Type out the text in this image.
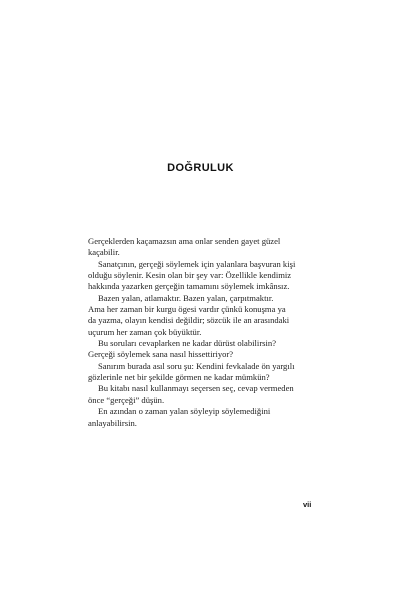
DOĞRULUK
Gerçeklerden kaçamazsın ama onlar senden gayet güzel
kaçabilir.
Sanatçının, gerçeği söylemek için yalanlara başvuran kişi
olduğu söylenir. Kesin olan bir şey var: Özellikle kendimiz
hakkında yazarken gerçeğin tamamını söylemek imkânsız.
Bazen yalan, atlamaktır. Bazen yalan, çarpıtmaktır.
Ama her zaman bir kurgu ögesi vardır çünkü konuşma ya
da yazma, olayın kendisi değildir; sözcük ile an arasındaki
uçurum her zaman çok büyüktür.
Bu soruları cevaplarken ne kadar dürüst olabilirsin?
Gerçeği söylemek sana nasıl hissettiriyor?
Sanırım burada asıl soru şu: Kendini fevkalade ön yargılı
gözlerinle net bir şekilde görmen ne kadar mümkün?
Bu kitabı nasıl kullanmayı seçersen seç, cevap vermeden
önce “gerçeği” düşün.
En azından o zaman yalan söyleyip söylemediğini
anlayabilirsin.
vii
